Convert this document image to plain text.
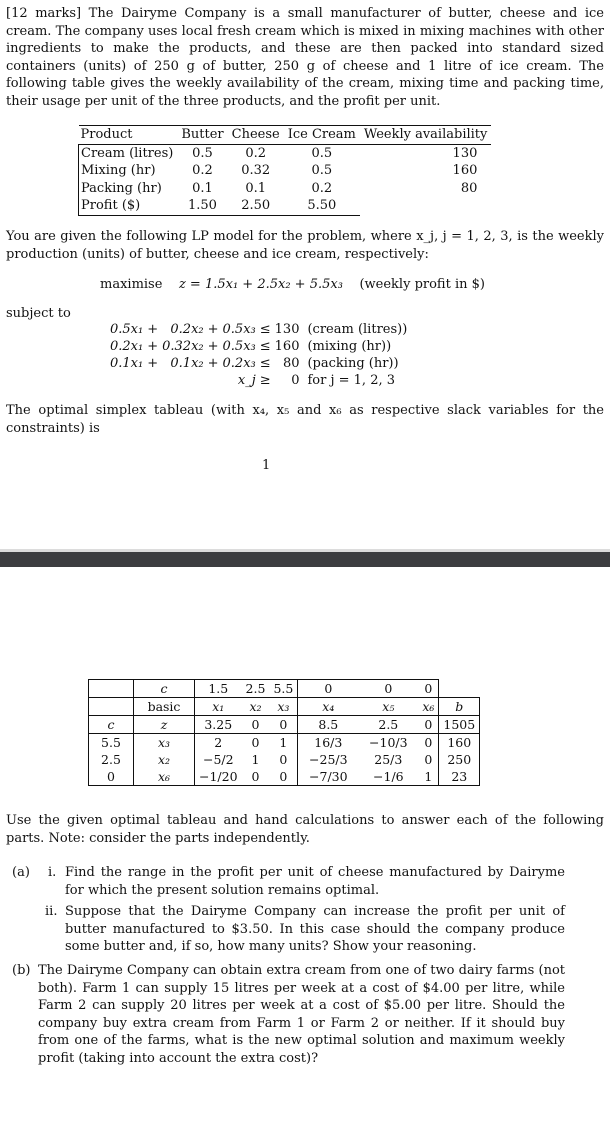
[12 marks] The Dairyme Company is a small manufacturer of butter, cheese and ice cream. The company uses local fresh cream which is mixed in mixing machines with other ingredients to make the products, and these are then packed into standard sized containers (units) of 250 g of butter, 250 g of cheese and 1 litre of ice cream. The following table gives the weekly availability of the cream, mixing time and packing time, their usage per unit of the three products, and the profit per unit.

Product	Butter	Cheese	Ice Cream	Weekly availability
Cream (litres)	0.5	0.2	0.5	130
Mixing (hr)	0.2	0.32	0.5	160
Packing (hr)	0.1	0.1	0.2	80
Profit ($)	1.50	2.50	5.50	

You are given the following LP model for the problem, where x_j, j = 1, 2, 3, is the weekly production (units) of butter, cheese and ice cream, respectively:

maximise z = 1.5x₁ + 2.5x₂ + 5.5x₃ (weekly profit in $)
subject to
0.5x₁	+	0.2x₂	+	0.5x₃	≤	130	(cream (litres))
0.2x₁	+	0.32x₂	+	0.5x₃	≤	160	(mixing (hr))
0.1x₁	+	0.1x₂	+	0.2x₃	≤	80	(packing (hr))
				x_j	≥	0	for j = 1, 2, 3

The optimal simplex tableau (with x₄, x₅ and x₆ as respective slack variables for the constraints) is

1
	c	1.5	2.5	5.5	0	0	0	
	basic	x₁	x₂	x₃	x₄	x₅	x₆	b
c	z	3.25	0	0	8.5	2.5	0	1505
5.5	x₃	2	0	1	16/3	−10/3	0	160
2.5	x₂	−5/2	1	0	−25/3	25/3	0	250
0	x₆	−1/20	0	0	−7/30	−1/6	1	23

Use the given optimal tableau and hand calculations to answer each of the following parts. Note: consider the parts independently.

(a) i. Find the range in the profit per unit of cheese manufactured by Dairyme for which the present solution remains optimal.
ii. Suppose that the Dairyme Company can increase the profit per unit of butter manufactured to $3.50. In this case should the company produce some butter and, if so, how many units? Show your reasoning.
(b) The Dairyme Company can obtain extra cream from one of two dairy farms (not both). Farm 1 can supply 15 litres per week at a cost of $4.00 per litre, while Farm 2 can supply 20 litres per week at a cost of $5.00 per litre. Should the company buy extra cream from Farm 1 or Farm 2 or neither. If it should buy from one of the farms, what is the new optimal solution and maximum weekly profit (taking into account the extra cost)?
